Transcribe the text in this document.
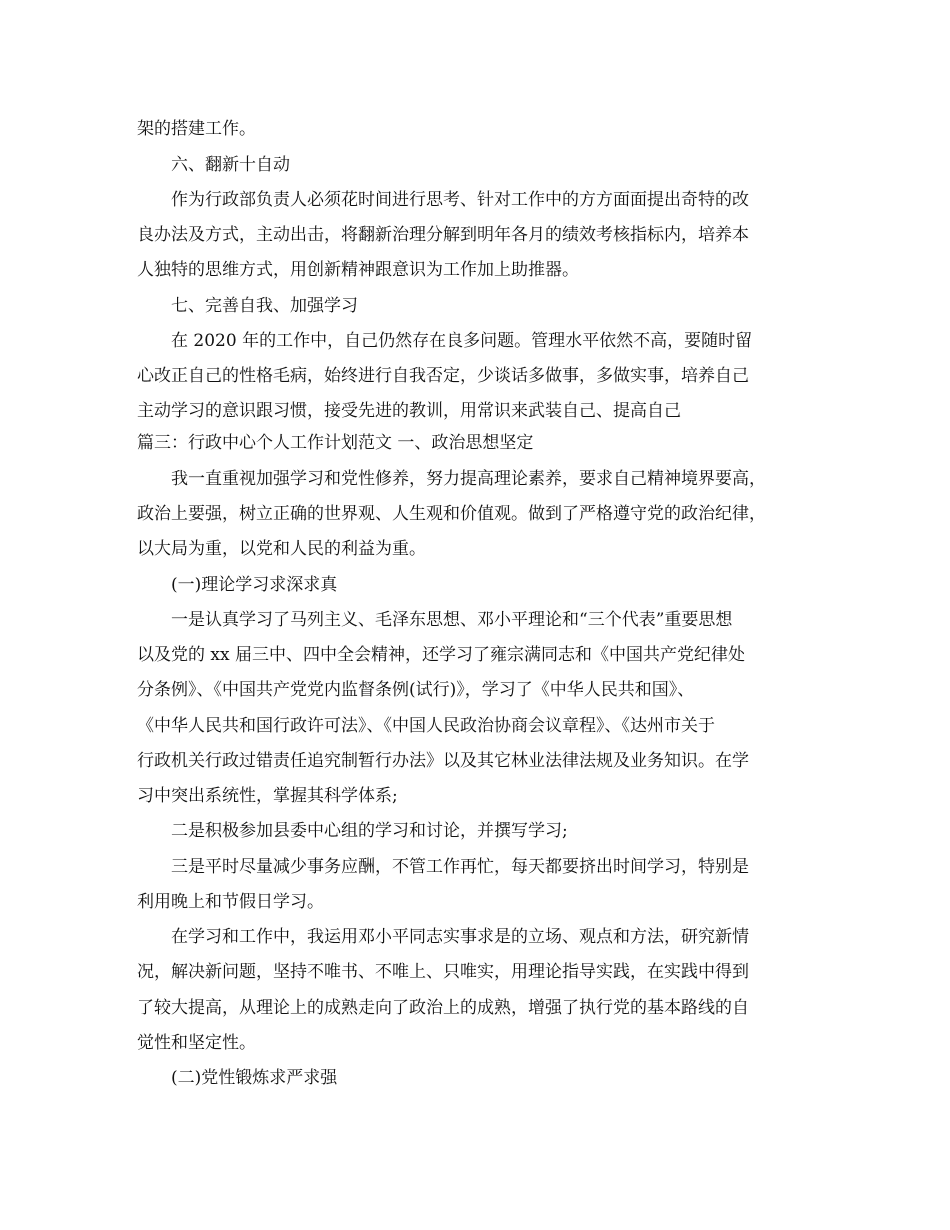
架的搭建工作。
六、翻新十自动
作为行政部负责人必须花时间进行思考、针对工作中的方方面面提出奇特的改
良办法及方式，主动出击，将翻新治理分解到明年各月的绩效考核指标内，培养本
人独特的思维方式，用创新精神跟意识为工作加上助推器。
七、完善自我、加强学习
在 2020 年的工作中，自己仍然存在良多问题。管理水平依然不高，要随时留
心改正自己的性格毛病，始终进行自我否定，少谈话多做事，多做实事，培养自己
主动学习的意识跟习惯，接受先进的教训，用常识来武装自己、提高自己
篇三：行政中心个人工作计划范文 一、政治思想坚定
我一直重视加强学习和党性修养，努力提高理论素养，要求自己精神境界要高，
政治上要强，树立正确的世界观、人生观和价值观。做到了严格遵守党的政治纪律，
以大局为重，以党和人民的利益为重。
(一)理论学习求深求真
一是认真学习了马列主义、毛泽东思想、邓小平理论和“三个代表”重要思想
以及党的 xx 届三中、四中全会精神，还学习了雍宗满同志和《中国共产党纪律处
分条例》、《中国共产党党内监督条例(试行)》，学习了《中华人民共和国》、
《中华人民共和国行政许可法》、《中国人民政治协商会议章程》、《达州市关于
行政机关行政过错责任追究制暂行办法》以及其它林业法律法规及业务知识。在学
习中突出系统性，掌握其科学体系;
二是积极参加县委中心组的学习和讨论，并撰写学习;
三是平时尽量减少事务应酬，不管工作再忙，每天都要挤出时间学习，特别是
利用晚上和节假日学习。
在学习和工作中，我运用邓小平同志实事求是的立场、观点和方法，研究新情
况，解决新问题，坚持不唯书、不唯上、只唯实，用理论指导实践，在实践中得到
了较大提高，从理论上的成熟走向了政治上的成熟，增强了执行党的基本路线的自
觉性和坚定性。
(二)党性锻炼求严求强
